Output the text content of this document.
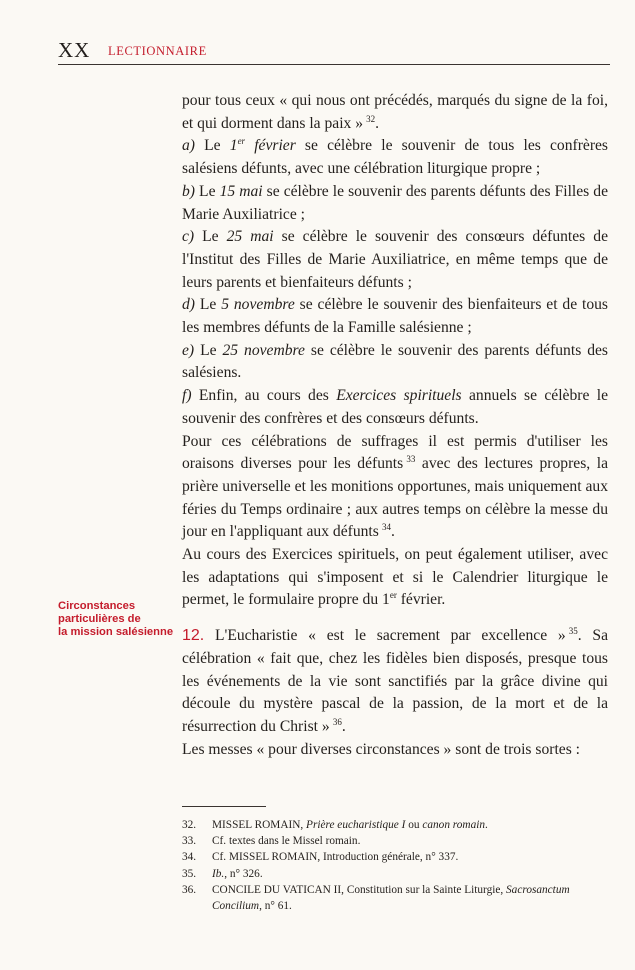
XX LECTIONNAIRE
Circonstances
particulières de
la mission salésienne

pour tous ceux « qui nous ont précédés, marqués du signe de la foi, et qui dorment dans la paix »  $^{32}$.

a) Le 1er février se célèbre le souvenir de tous les confrères salésiens défunts, avec une célébration liturgique propre ;

b) Le 15 mai se célèbre le souvenir des parents défunts des Filles de Marie Auxiliatrice ;

c) Le 25 mai se célèbre le souvenir des consœurs défuntes de l'Institut des Filles de Marie Auxiliatrice, en même temps que de leurs parents et bienfaiteurs défunts ;

d) Le 5 novembre se célèbre le souvenir des bienfaiteurs et de tous les membres défunts de la Famille salésienne ;

e) Le 25 novembre se célèbre le souvenir des parents défunts des salésiens.

f) Enfin, au cours des Exercices spirituels annuels se célèbre le souvenir des confrères et des consœurs défunts.

Pour ces célébrations de suffrages il est permis d'utiliser les oraisons diverses pour les défunts  $^{33}$ avec des lectures propres, la prière universelle et les monitions opportunes, mais uniquement aux féries du Temps ordinaire ; aux autres temps on célèbre la messe du jour en l'appliquant aux défunts  $^{34}$.

Au cours des Exercices spirituels, on peut également utiliser, avec les adaptations qui s'imposent et si le Calendrier liturgique le permet, le formulaire propre du 1er février.

12. L'Eucharistie « est le sacrement par excellence »  $^{35}$. Sa célébration « fait que, chez les fidèles bien disposés, presque tous les événements de la vie sont sanctifiés par la grâce divine qui découle du mystère pascal de la passion, de la mort et de la résurrection du Christ »  $^{36}$.

Les messes « pour diverses circonstances » sont de trois sortes :

32.	MISSEL ROMAIN, Prière eucharistique I ou canon romain.
33.	Cf. textes dans le Missel romain.
34.	Cf. MISSEL ROMAIN, Introduction générale, n° 337.
35.	Ib., n° 326.
36.	CONCILE DU VATICAN II, Constitution sur la Sainte Liturgie, Sacrosanctum Concilium, n° 61.
